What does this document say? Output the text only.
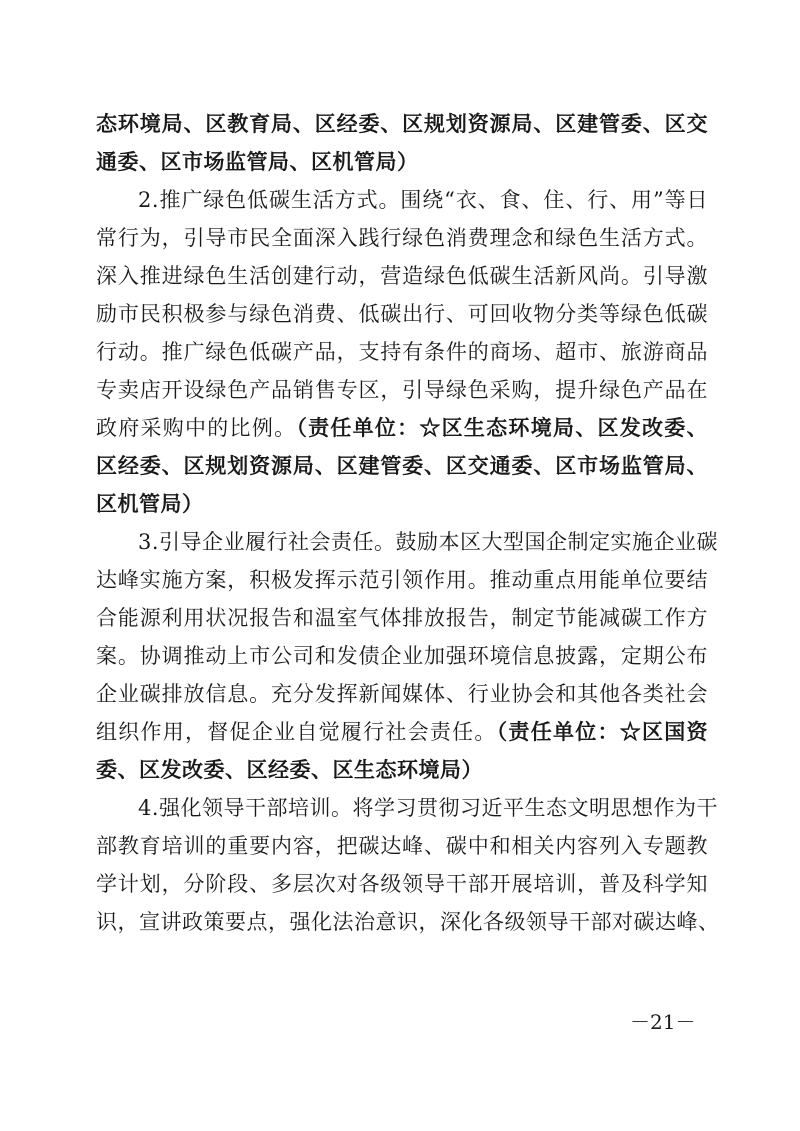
态环境局、区教育局、区经委、区规划资源局、区建管委、区交
通委、区市场监管局、区机管局）
2.推广绿色低碳生活方式。围绕“衣、食、住、行、用”等日
常行为，引导市民全面深入践行绿色消费理念和绿色生活方式。
深入推进绿色生活创建行动，营造绿色低碳生活新风尚。引导激
励市民积极参与绿色消费、低碳出行、可回收物分类等绿色低碳
行动。推广绿色低碳产品，支持有条件的商场、超市、旅游商品
专卖店开设绿色产品销售专区，引导绿色采购，提升绿色产品在
政府采购中的比例。（责任单位：☆区生态环境局、区发改委、
区经委、区规划资源局、区建管委、区交通委、区市场监管局、
区机管局）
3.引导企业履行社会责任。鼓励本区大型国企制定实施企业碳
达峰实施方案，积极发挥示范引领作用。推动重点用能单位要结
合能源利用状况报告和温室气体排放报告，制定节能减碳工作方
案。协调推动上市公司和发债企业加强环境信息披露，定期公布
企业碳排放信息。充分发挥新闻媒体、行业协会和其他各类社会
组织作用，督促企业自觉履行社会责任。（责任单位：☆区国资
委、区发改委、区经委、区生态环境局）
4.强化领导干部培训。将学习贯彻习近平生态文明思想作为干
部教育培训的重要内容，把碳达峰、碳中和相关内容列入专题教
学计划，分阶段、多层次对各级领导干部开展培训，普及科学知
识，宣讲政策要点，强化法治意识，深化各级领导干部对碳达峰、
－21－
